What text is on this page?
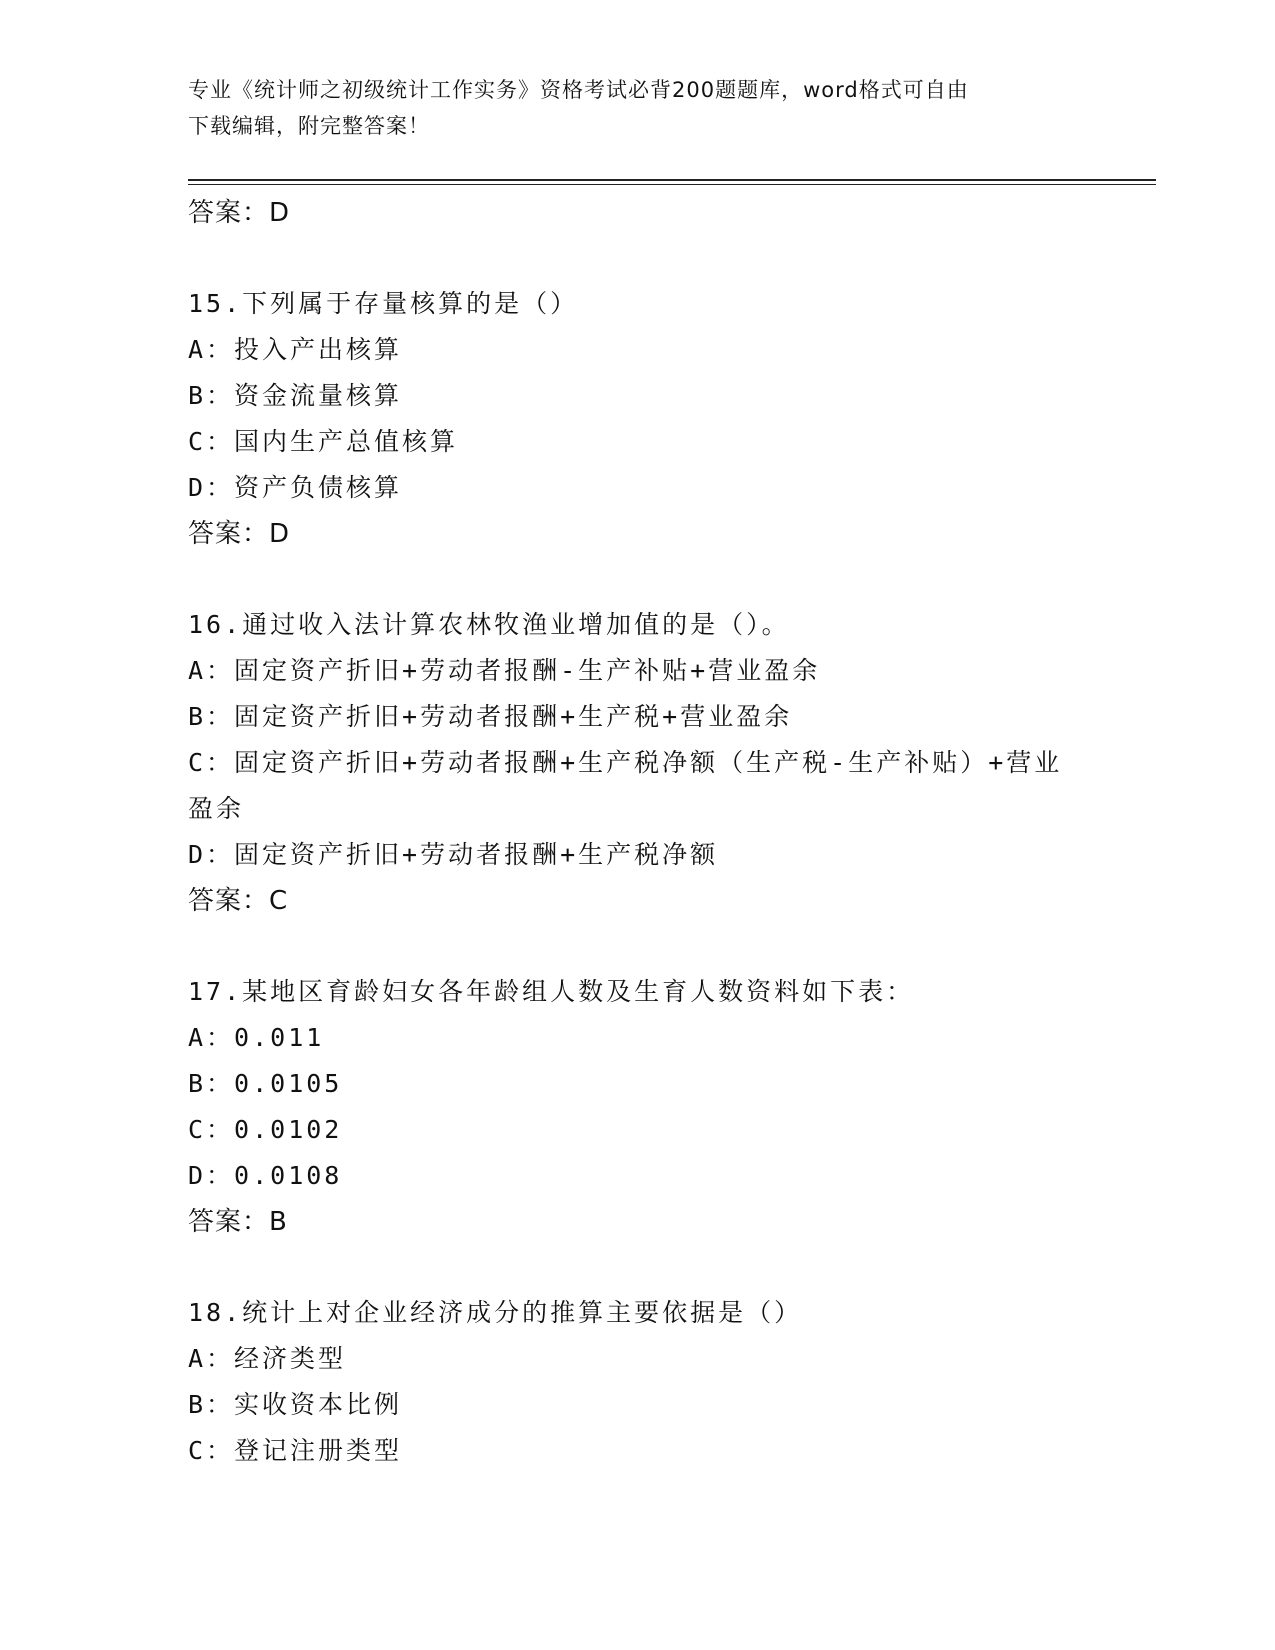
专业《统计师之初级统计工作实务》资格考试必背200题题库，word格式可自由
下载编辑，附完整答案！
答案：D
15.下列属于存量核算的是（）
A：投入产出核算
B：资金流量核算
C：国内生产总值核算
D：资产负债核算
答案：D
16.通过收入法计算农林牧渔业增加值的是（）。
A：固定资产折旧+劳动者报酬-生产补贴+营业盈余
B：固定资产折旧+劳动者报酬+生产税+营业盈余
C：固定资产折旧+劳动者报酬+生产税净额（生产税-生产补贴）+营业
盈余
D：固定资产折旧+劳动者报酬+生产税净额
答案：C
17.某地区育龄妇女各年龄组人数及生育人数资料如下表：
A：0.011
B：0.0105
C：0.0102
D：0.0108
答案：B
18.统计上对企业经济成分的推算主要依据是（）
A：经济类型
B：实收资本比例
C：登记注册类型
